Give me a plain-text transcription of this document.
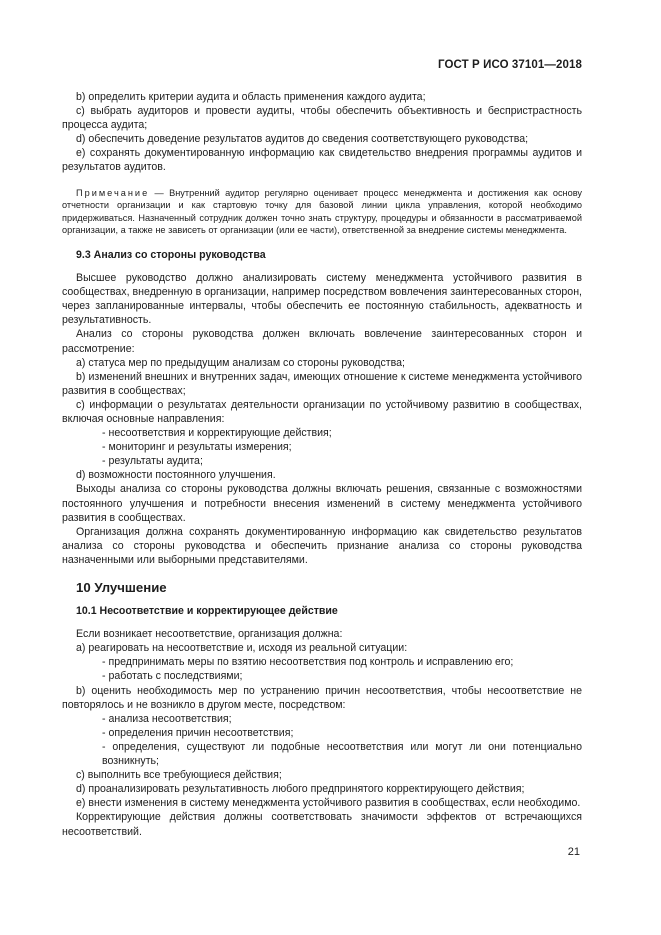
ГОСТ Р ИСО 37101—2018

b) определить критерии аудита и область применения каждого аудита;

c) выбрать аудиторов и провести аудиты, чтобы обеспечить объективность и беспристрастность процесса аудита;

d) обеспечить доведение результатов аудитов до сведения соответствующего руководства;

e) сохранять документированную информацию как свидетельство внедрения программы аудитов и результатов аудитов.

Примечание — Внутренний аудитор регулярно оценивает процесс менеджмента и достижения как основу отчетности организации и как стартовую точку для базовой линии цикла управления, которой необходимо придерживаться. Назначенный сотрудник должен точно знать структуру, процедуры и обязанности в рассматриваемой организации, а также не зависеть от организации (или ее части), ответственной за внедрение системы менеджмента.

9.3 Анализ со стороны руководства

Высшее руководство должно анализировать систему менеджмента устойчивого развития в сообществах, внедренную в организации, например посредством вовлечения заинтересованных сторон, через запланированные интервалы, чтобы обеспечить ее постоянную стабильность, адекватность и результативность.

Анализ со стороны руководства должен включать вовлечение заинтересованных сторон и рассмотрение:

a) статуса мер по предыдущим анализам со стороны руководства;

b) изменений внешних и внутренних задач, имеющих отношение к системе менеджмента устойчивого развития в сообществах;

c) информации о результатах деятельности организации по устойчивому развитию в сообществах, включая основные направления:

- несоответствия и корректирующие действия;

- мониторинг и результаты измерения;

- результаты аудита;

d) возможности постоянного улучшения.

Выходы анализа со стороны руководства должны включать решения, связанные с возможностями постоянного улучшения и потребности внесения изменений в систему менеджмента устойчивого развития в сообществах.

Организация должна сохранять документированную информацию как свидетельство результатов анализа со стороны руководства и обеспечить признание анализа со стороны руководства назначенными или выборными представителями.

10 Улучшение
10.1 Несоответствие и корректирующее действие

Если возникает несоответствие, организация должна:

a) реагировать на несоответствие и, исходя из реальной ситуации:

- предпринимать меры по взятию несоответствия под контроль и исправлению его;

- работать с последствиями;

b) оценить необходимость мер по устранению причин несоответствия, чтобы несоответствие не повторялось и не возникло в другом месте, посредством:

- анализа несоответствия;

- определения причин несоответствия;

- определения, существуют ли подобные несоответствия или могут ли они потенциально возникнуть;

c) выполнить все требующиеся действия;

d) проанализировать результативность любого предпринятого корректирующего действия;

e) внести изменения в систему менеджмента устойчивого развития в сообществах, если необходимо.

Корректирующие действия должны соответствовать значимости эффектов от встречающихся несоответствий.

21
